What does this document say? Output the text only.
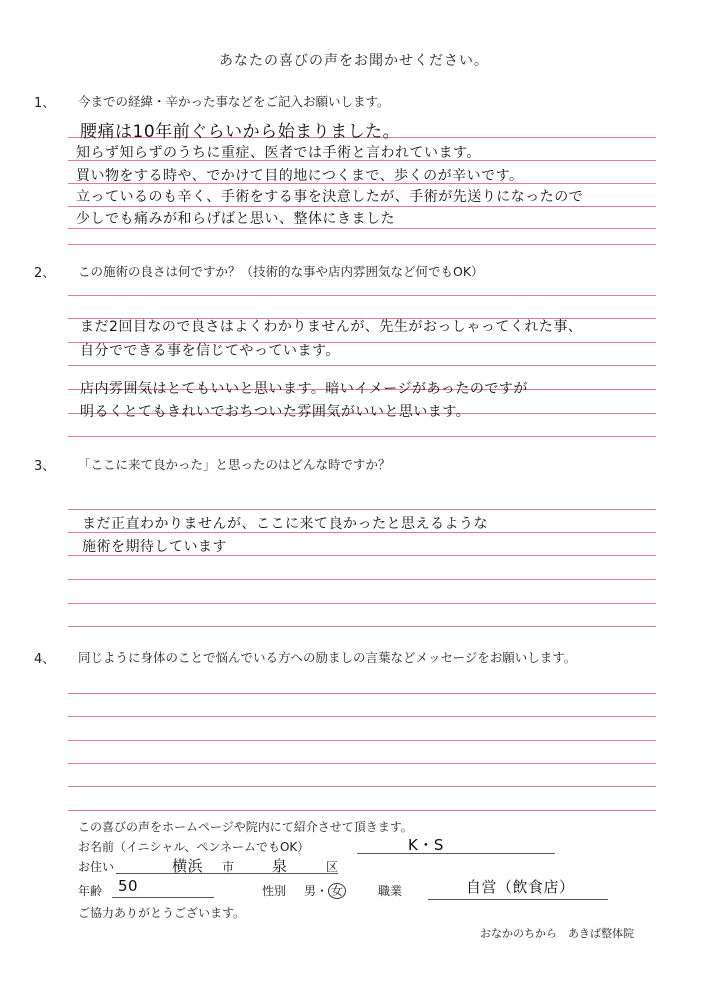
あなたの喜びの声をお聞かせください。
1、 今までの経緯・辛かった事などをご記入お願いします。
腰痛は10年前ぐらいから始まりました。
知らず知らずのうちに重症、医者では手術と言われています。
買い物をする時や、でかけて目的地につくまで、歩くのが辛いです。
立っているのも辛く、手術をする事を決意したが、手術が先送りになったので
少しでも痛みが和らげばと思い、整体にきました
2、 この施術の良さは何ですか？（技術的な事や店内雰囲気など何でもOK）
まだ2回目なので良さはよくわかりませんが、先生がおっしゃってくれた事、
自分でできる事を信じてやっています。
店内雰囲気はとてもいいと思います。暗いイメージがあったのですが
明るくとてもきれいでおちついた雰囲気がいいと思います。
3、 「ここに来て良かった」と思ったのはどんな時ですか？
まだ正直わかりませんが、ここに来て良かったと思えるような
施術を期待しています
4、 同じように身体のことで悩んでいる方への励ましの言葉などメッセージをお願いします。
この喜びの声をホームページや院内にて紹介させて頂きます。
お名前（イニシャル、ペンネームでもOK）	K・S
お住い	横浜 市	泉	区
年齢 50	性別 男・ 女	職業	自営（飲食店）
ご協力ありがとうございます。
おなかのちから　あきば整体院
